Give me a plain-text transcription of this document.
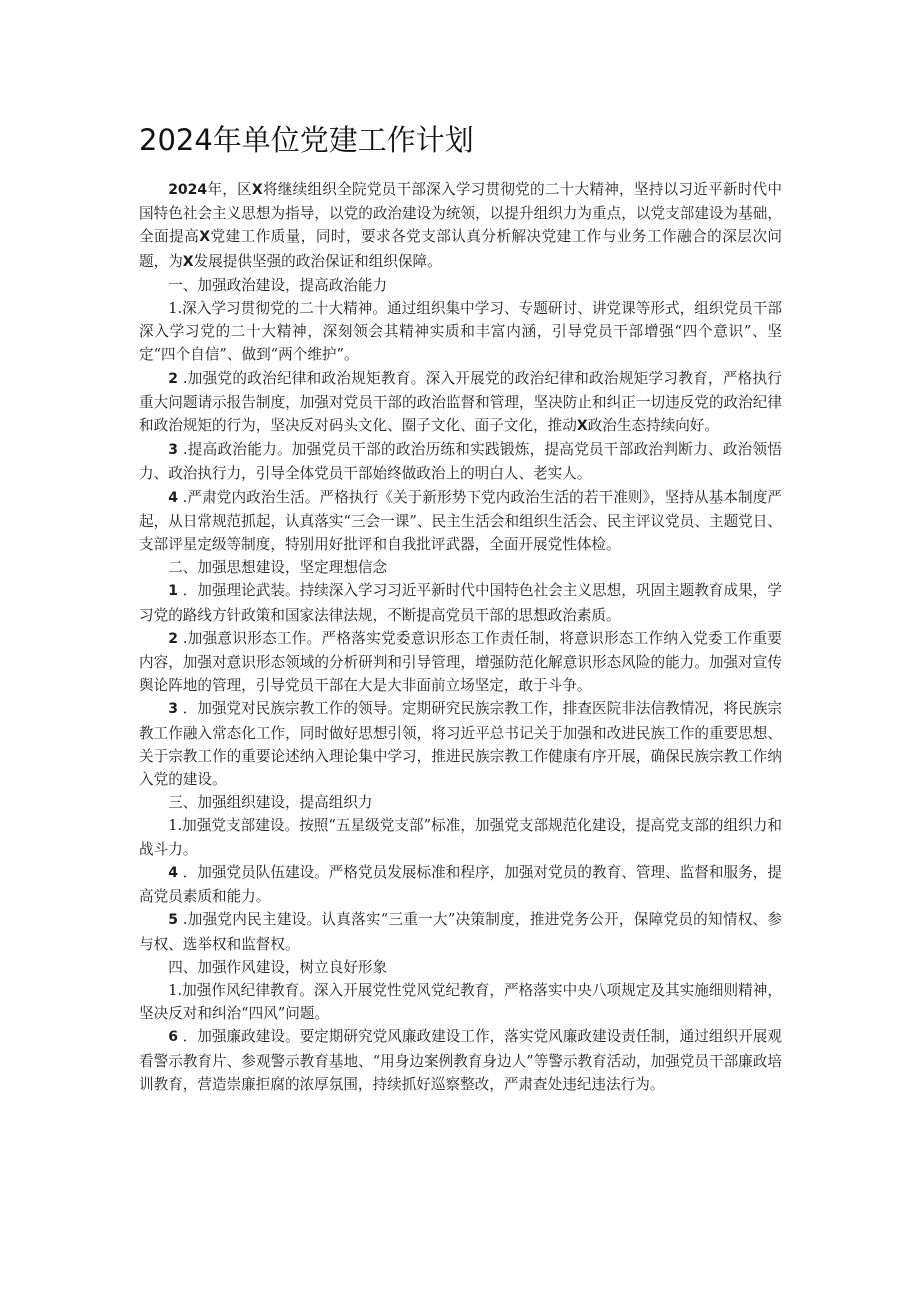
2024年单位党建工作计划

2024年，区X将继续组织全院党员干部深入学习贯彻党的二十大精神，坚持以习近平新时代中国特色社会主义思想为指导，以党的政治建设为统领，以提升组织力为重点，以党支部建设为基础，全面提高X党建工作质量，同时，要求各党支部认真分析解决党建工作与业务工作融合的深层次问题，为X发展提供坚强的政治保证和组织保障。

一、加强政治建设，提高政治能力

1.深入学习贯彻党的二十大精神。通过组织集中学习、专题研讨、讲党课等形式，组织党员干部深入学习党的二十大精神，深刻领会其精神实质和丰富内涵，引导党员干部增强“四个意识”、坚定“四个自信”、做到“两个维护”。

2 .加强党的政治纪律和政治规矩教育。深入开展党的政治纪律和政治规矩学习教育，严格执行重大问题请示报告制度，加强对党员干部的政治监督和管理，坚决防止和纠正一切违反党的政治纪律和政治规矩的行为，坚决反对码头文化、圈子文化、面子文化，推动X政治生态持续向好。

3 .提高政治能力。加强党员干部的政治历练和实践锻炼，提高党员干部政治判断力、政治领悟力、政治执行力，引导全体党员干部始终做政治上的明白人、老实人。

4 .严肃党内政治生活。严格执行《关于新形势下党内政治生活的若干准则》，坚持从基本制度严起，从日常规范抓起，认真落实“三会一课”、民主生活会和组织生活会、民主评议党员、主题党日、支部评星定级等制度，特别用好批评和自我批评武器，全面开展党性体检。

二、加强思想建设，坚定理想信念

1 ．加强理论武装。持续深入学习习近平新时代中国特色社会主义思想，巩固主题教育成果，学习党的路线方针政策和国家法律法规，不断提高党员干部的思想政治素质。

2 .加强意识形态工作。严格落实党委意识形态工作责任制，将意识形态工作纳入党委工作重要内容，加强对意识形态领域的分析研判和引导管理，增强防范化解意识形态风险的能力。加强对宣传舆论阵地的管理，引导党员干部在大是大非面前立场坚定，敢于斗争。

3 ．加强党对民族宗教工作的领导。定期研究民族宗教工作，排查医院非法信教情况，将民族宗教工作融入常态化工作，同时做好思想引领，将习近平总书记关于加强和改进民族工作的重要思想、关于宗教工作的重要论述纳入理论集中学习，推进民族宗教工作健康有序开展，确保民族宗教工作纳入党的建设。

三、加强组织建设，提高组织力

1.加强党支部建设。按照“五星级党支部”标准，加强党支部规范化建设，提高党支部的组织力和战斗力。

4 ．加强党员队伍建设。严格党员发展标准和程序，加强对党员的教育、管理、监督和服务，提高党员素质和能力。

5 .加强党内民主建设。认真落实“三重一大”决策制度，推进党务公开，保障党员的知情权、参与权、选举权和监督权。

四、加强作风建设，树立良好形象

1.加强作风纪律教育。深入开展党性党风党纪教育，严格落实中央八项规定及其实施细则精神，坚决反对和纠治“四风”问题。

6 ．加强廉政建设。要定期研究党风廉政建设工作，落实党风廉政建设责任制，通过组织开展观看警示教育片、参观警示教育基地、“用身边案例教育身边人”等警示教育活动，加强党员干部廉政培训教育，营造崇廉拒腐的浓厚氛围，持续抓好巡察整改，严肃查处违纪违法行为。
